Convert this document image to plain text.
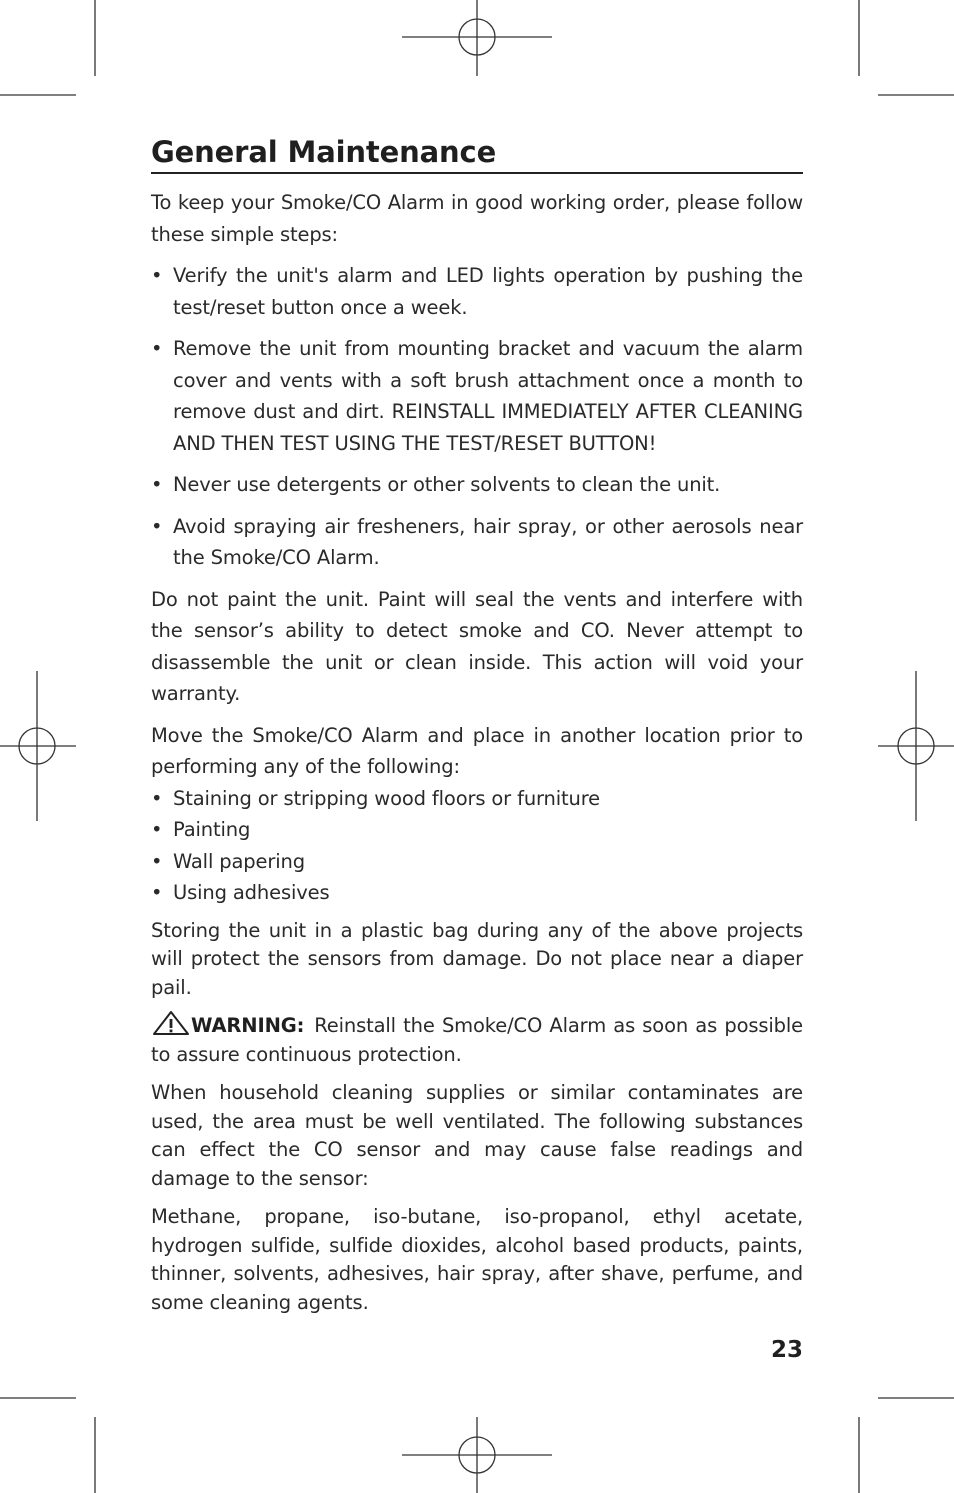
General Maintenance

To keep your Smoke/CO Alarm in good working order, please follow these simple steps:

• Verify the unit's alarm and LED lights operation by pushing the test/reset button once a week.
• Remove the unit from mounting bracket and vacuum the alarm cover and vents with a soft brush attachment once a month to remove dust and dirt. REINSTALL IMMEDIATELY AFTER CLEANING AND THEN TEST USING THE TEST/RESET BUTTON!
• Never use detergents or other solvents to clean the unit.
• Avoid spraying air fresheners, hair spray, or other aerosols near the Smoke/CO Alarm.

Do not paint the unit. Paint will seal the vents and interfere with the sensor’s ability to detect smoke and CO. Never attempt to disassemble the unit or clean inside. This action will void your warranty.

Move the Smoke/CO Alarm and place in another location prior to performing any of the following:

• Staining or stripping wood floors or furniture
• Painting
• Wall papering
• Using adhesives

Storing the unit in a plastic bag during any of the above projects will protect the sensors from damage. Do not place near a diaper pail.

WARNING: Reinstall the Smoke/CO Alarm as soon as possible to assure continuous protection.

When household cleaning supplies or similar contaminates are used, the area must be well ventilated. The following substances can effect the CO sensor and may cause false readings and damage to the sensor:

Methane, propane, iso-butane, iso-propanol, ethyl acetate, hydrogen sulfide, sulfide dioxides, alcohol based products, paints, thinner, solvents, adhesives, hair spray, after shave, perfume, and some cleaning agents.

23
